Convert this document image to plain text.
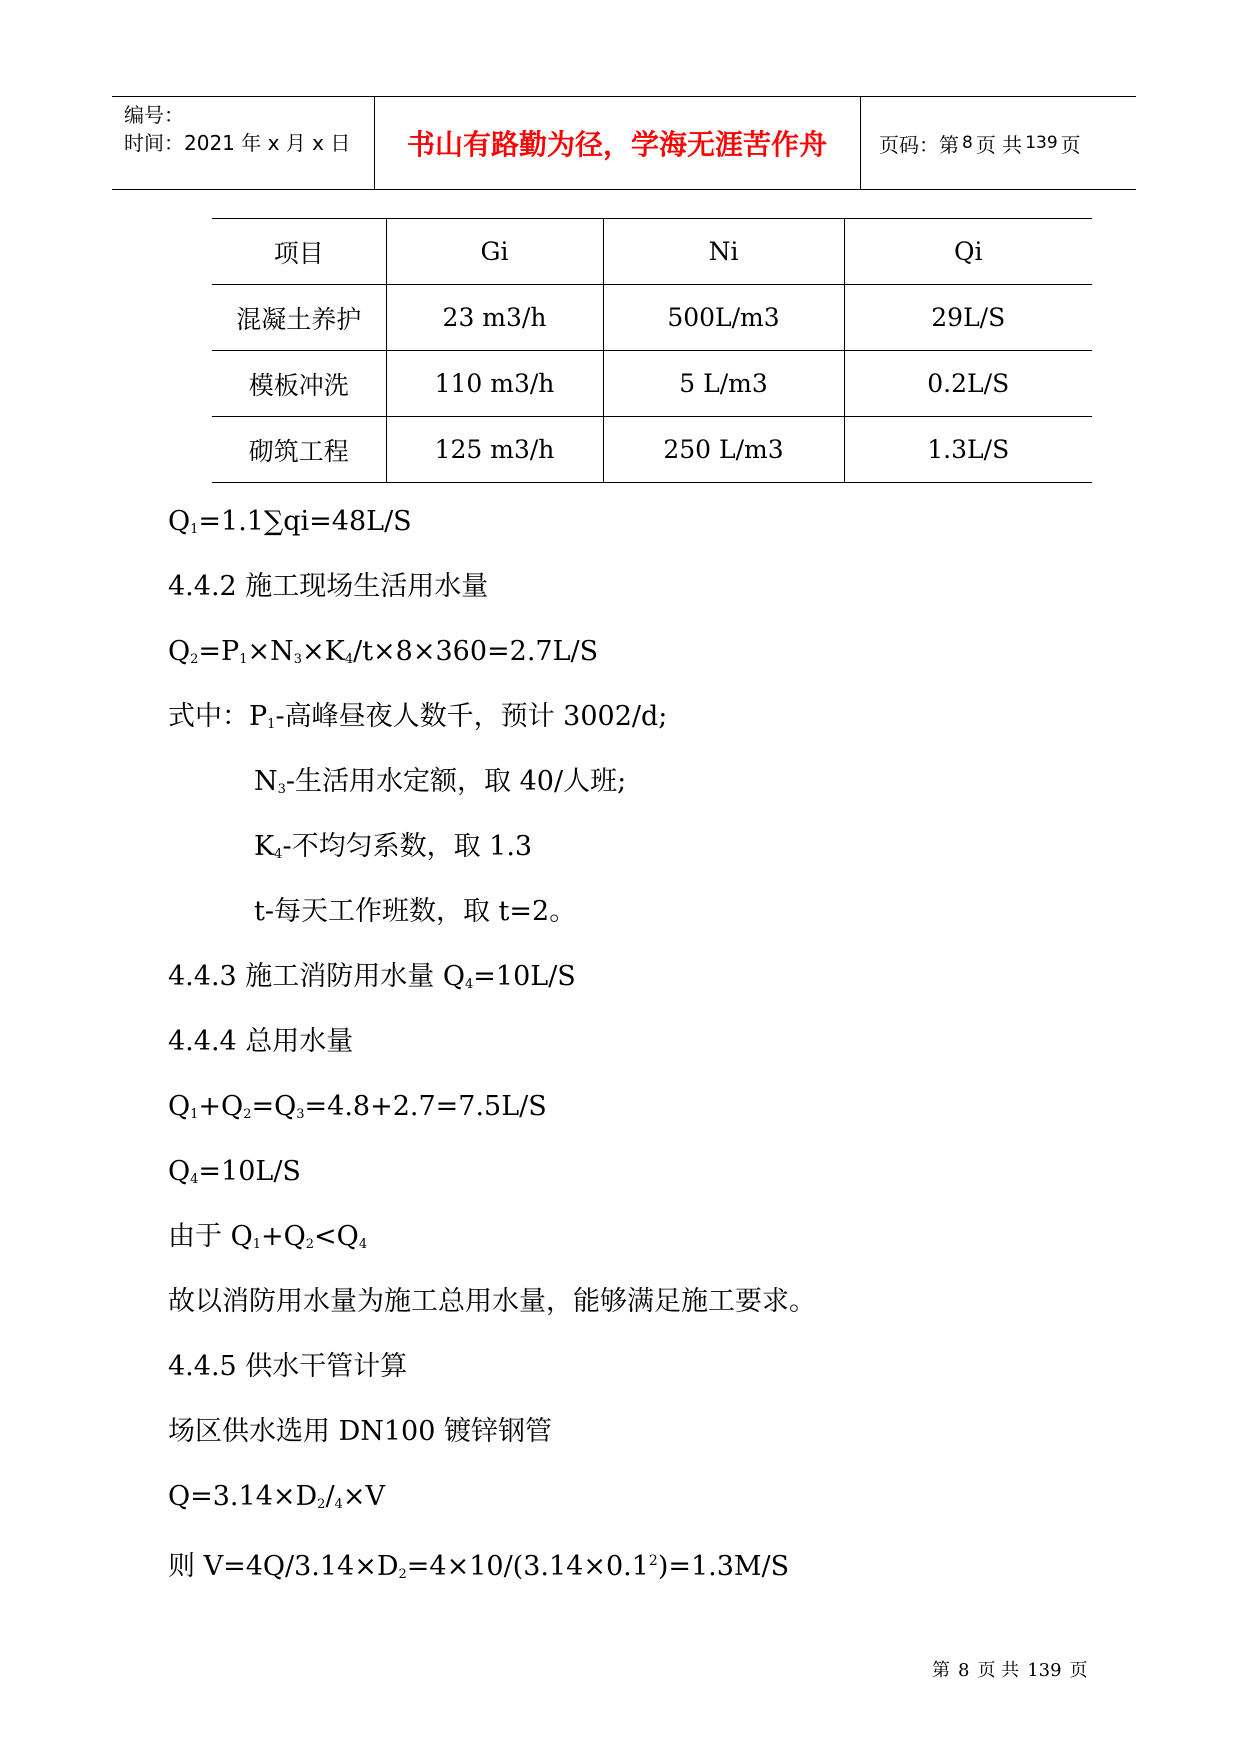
编号：
时间：2021 年 x 月 x 日	书山有路勤为径，学海无涯苦作舟	页码：第 8 页 共 139 页
项目	Gi	Ni	Qi
混凝土养护	23 m3/h	500L/m3	29L/S
模板冲洗	110 m3/h	5 L/m3	0.2L/S
砌筑工程	125 m3/h	250 L/m3	1.3L/S
$Q_1=1.1\sum qi=48L/S$
4.4.2 施工现场生活用水量
$Q_2=P_1\times N_3\times K_4/t\times 8\times 360=2.7L/S$
式中：$P_1-$高峰昼夜人数千，预计 3002/d;
$N_3-$生活用水定额，取 40/人班;
$K_4-$不均匀系数，取 1.3
t-每天工作班数，取 t=2。
4.4.3 施工消防用水量 $Q_4=10L/S$
4.4.4 总用水量
$Q_1+Q_2=Q_3=4.8+2.7=7.5L/S$
$Q_4=10L/S$
由于 $Q_1+Q_2<Q_4$
故以消防用水量为施工总用水量，能够满足施工要求。
4.4.5 供水干管计算
场区供水选用 DN100 镀锌钢管
$Q=3.14\times D_2/_4\times V$
则 $V=4Q/3.14\times D_2=4\times 10/(3.14\times 0.1^2)=1.3M/S$
第 8 页 共 139 页
